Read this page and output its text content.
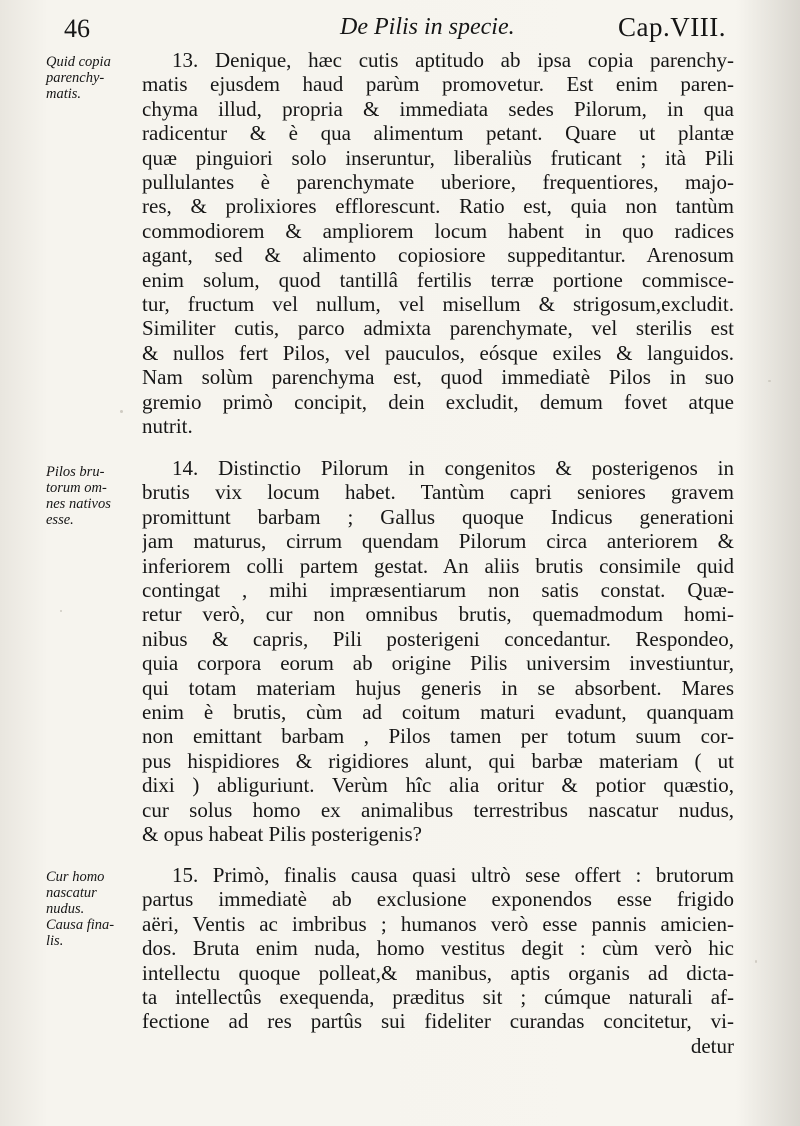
46	De Pilis in specie.	Cap.VIII.
Quid copia
parenchy-
matis.
Pilos bru-
torum om-
nes nativos
esse.
Cur homo
nascatur
nudus.
Causa fina-
lis.
13. Denique, hæc cutis aptitudo ab ipsa copia parenchy-
matis ejusdem haud parùm promovetur. Est enim paren-
chyma illud, propria & immediata sedes Pilorum, in qua
radicentur & è qua alimentum petant. Quare ut plantæ
quæ pinguiori solo inseruntur, liberaliùs fruticant ; ità Pili
pullulantes è parenchymate uberiore, frequentiores, majo-
res, & prolixiores efflorescunt. Ratio est, quia non tantùm
commodiorem & ampliorem locum habent in quo radices
agant, sed & alimento copiosiore suppeditantur. Arenosum
enim solum, quod tantillâ fertilis terræ portione commisce-
tur, fructum vel nullum, vel misellum & strigosum,excludit.
Similiter cutis, parco admixta parenchymate, vel sterilis est
& nullos fert Pilos, vel pauculos, eósque exiles & languidos.
Nam solùm parenchyma est, quod immediatè Pilos in suo
gremio primò concipit, dein excludit, demum fovet atque
nutrit.
14. Distinctio Pilorum in congenitos & posterigenos in
brutis vix locum habet. Tantùm capri seniores gravem
promittunt barbam ; Gallus quoque Indicus generationi
jam maturus, cirrum quendam Pilorum circa anteriorem &
inferiorem colli partem gestat. An aliis brutis consimile quid
contingat , mihi impræsentiarum non satis constat. Quæ-
retur verò, cur non omnibus brutis, quemadmodum homi-
nibus & capris, Pili posterigeni concedantur. Respondeo,
quia corpora eorum ab origine Pilis universim investiuntur,
qui totam materiam hujus generis in se absorbent. Mares
enim è brutis, cùm ad coitum maturi evadunt, quanquam
non emittant barbam , Pilos tamen per totum suum cor-
pus hispidiores & rigidiores alunt, qui barbæ materiam ( ut
dixi ) abliguriunt. Verùm hîc alia oritur & potior quæstio,
cur solus homo ex animalibus terrestribus nascatur nudus,
& opus habeat Pilis posterigenis?
15. Primò, finalis causa quasi ultrò sese offert : brutorum
partus immediatè ab exclusione exponendos esse frigido
aëri, Ventis ac imbribus ; humanos verò esse pannis amicien-
dos. Bruta enim nuda, homo vestitus degit : cùm verò hic
intellectu quoque polleat,& manibus, aptis organis ad dicta-
ta intellectûs exequenda, præditus sit ; cúmque naturali af-
fectione ad res partûs sui fideliter curandas concitetur, vi-
detur
